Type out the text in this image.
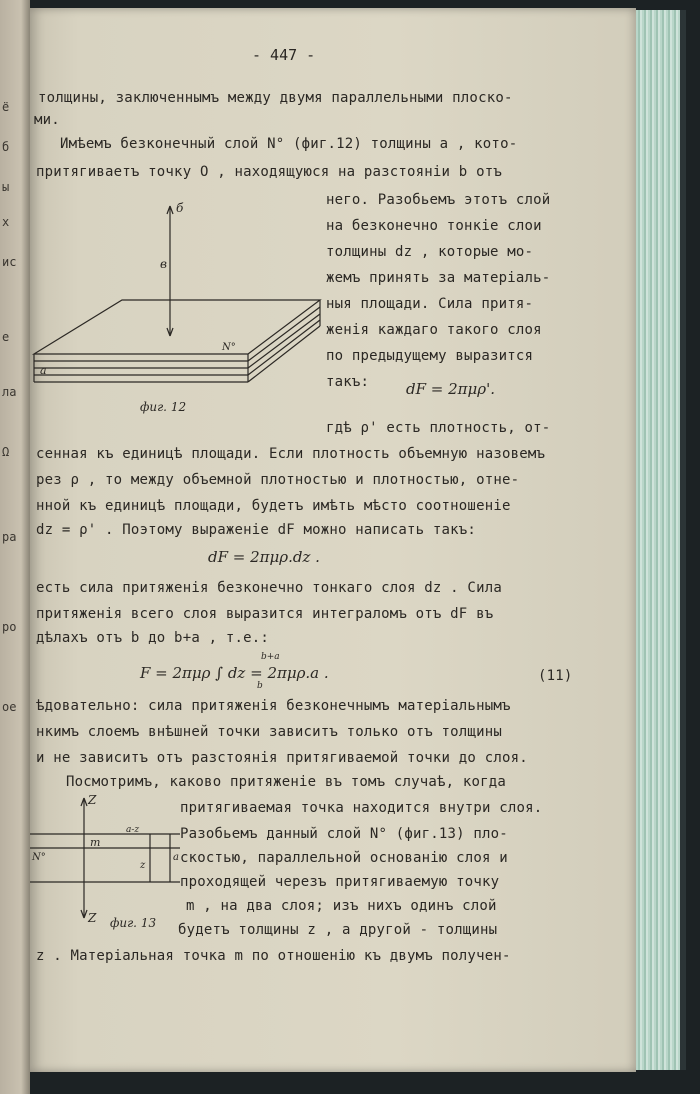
ё
б
ы
x
ис
е
ла
Ω
ра
ро
ое
- 447 -
толщины, заключеннымъ между двумя параллельными плоско-
ми.
Имѣемъ безконечный слой N° (фиг.12) толщины a , кото-
притягиваетъ точку O , находящуюся на разстояніи b отъ
б
в
a
N°
фиг. 12
него. Разобьемъ этотъ слой
на безконечно тонкіе слои
толщины dz , которые мо-
жемъ принять за матеріаль-
ныя площади. Сила притя-
женія каждаго такого слоя
по предыдущему выразится
такъ: dF = 2πμρ'.
гдѣ ρ' есть плотность, от-
сенная къ единицѣ площади. Если плотность объемную назовемъ
рез ρ , то между объемной плотностью и плотностью, отне-
нной къ единицѣ площади, будетъ имѣть мѣсто соотношеніе
dz = ρ' . Поэтому выраженіе dF можно написать такъ:
dF = 2πμρ.dz .
есть сила притяженія безконечно тонкаго слоя dz . Сила
притяженія всего слоя выразится интеграломъ отъ dF въ
дѣлахъ отъ b до b+a , т.е.:
F = 2πμρ ∫ dz = 2πμρ.a .
b+a
b
(11)
ѣдовательно: сила притяженія безконечнымъ матеріальнымъ
нкимъ слоемъ внѣшней точки зависитъ только отъ толщины
и не зависитъ отъ разстоянія притягиваемой точки до слоя.
Посмотримъ, каково притяженіе въ томъ случаѣ, когда
притягиваемая точка находится внутри слоя.
Разобьемъ данный слой N° (фиг.13) пло-
скостью, параллельной основанію слоя и
проходящей черезъ притягиваемую точку
m , на два слоя; изъ нихъ одинъ слой
будетъ толщины z , а другой - толщины
z . Матеріальная точка m по отношенію къ двумъ получен-
Z
Z
m
a-z
z
a
N°
фиг. 13
